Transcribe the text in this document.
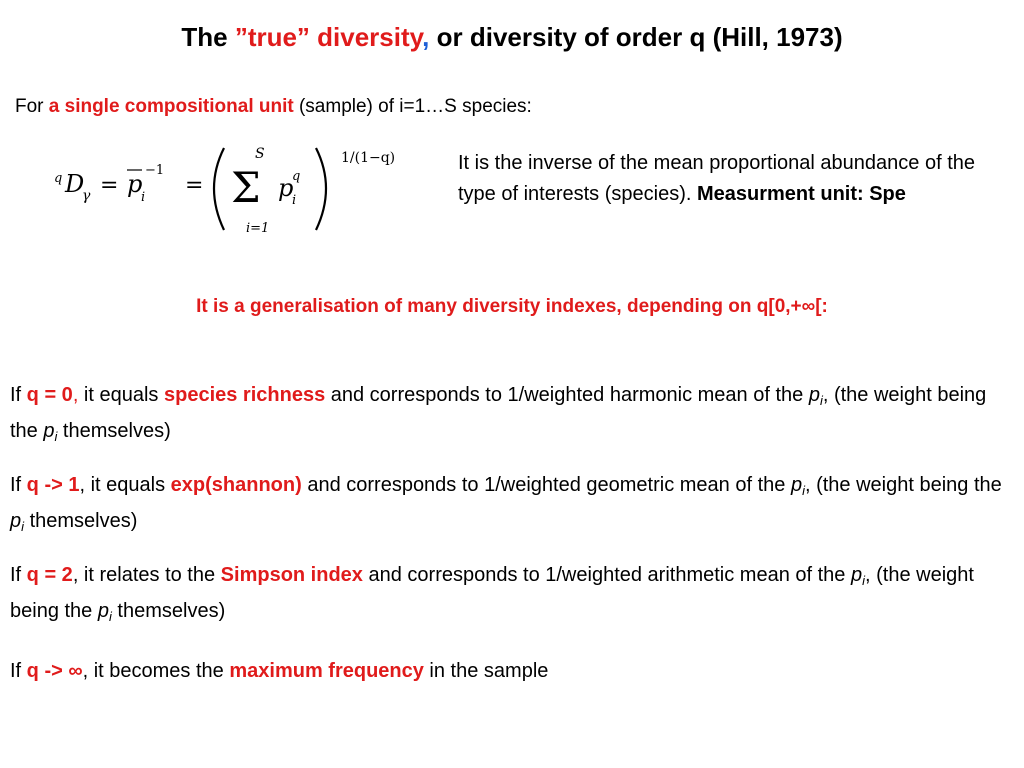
The ”true” diversity, or diversity of order q (Hill, 1973)
For a single compositional unit (sample) of i=1…S species:
q D
γ = p
i
−1
=
S
Σ
i=1
p
i
q
1/(1−q)	It is the inverse of the mean proportional abundance of the type of interests (species). Measurment unit: Spe
It is a generalisation of many diversity indexes, depending on q[0,+∞[:
If q = 0, it equals species richness and corresponds to 1/weighted harmonic mean of the $p_i$, (the weight being the $p_i$ themselves)
If q -> 1, it equals exp(shannon) and corresponds to 1/weighted geometric mean of the $p_i$, (the weight being the $p_i$ themselves)
If q = 2, it relates to the Simpson index and corresponds to 1/weighted arithmetic mean of the $p_i$, (the weight being the $p_i$ themselves)
If q -> ∞, it becomes the maximum frequency in the sample
